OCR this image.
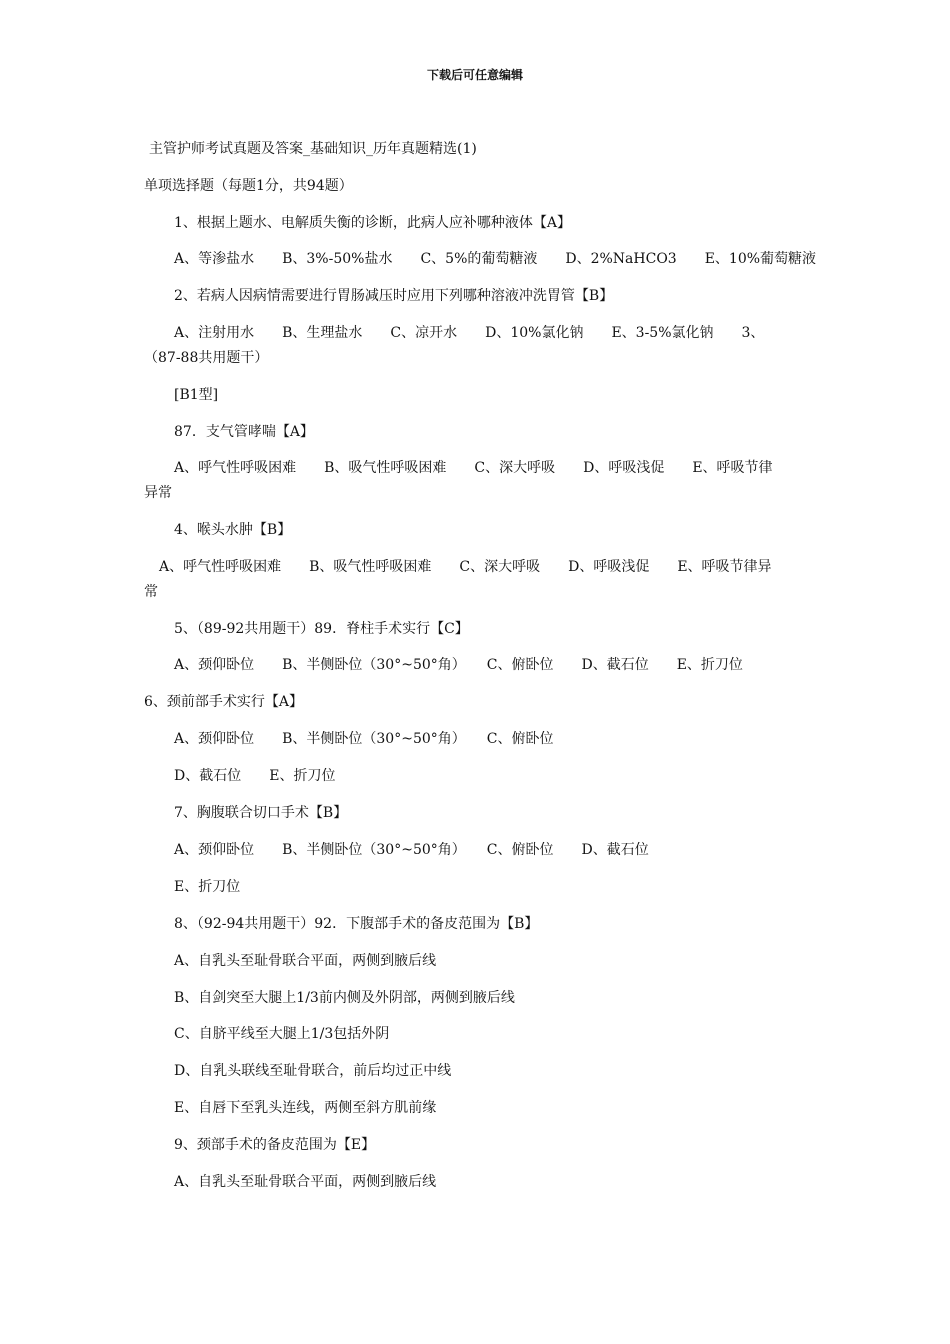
下载后可任意编辑
主管护师考试真题及答案_基础知识_历年真题精选(1)
单项选择题（每题1分，共94题）
1、根据上题水、电解质失衡的诊断，此病人应补哪种液体【A】
A、等渗盐水　　B、3%-50%盐水　　C、5%的葡萄糖液　　D、2%NaHCO3　　E、10%葡萄糖液
2、若病人因病情需要进行胃肠减压时应用下列哪种溶液冲洗胃管【B】
A、注射用水　　B、生理盐水　　C、凉开水　　D、10%氯化钠　　E、3-5%氯化钠　　3、
（87-88共用题干）
[B1型]
87．支气管哮喘【A】
A、呼气性呼吸困难　　B、吸气性呼吸困难　　C、深大呼吸　　D、呼吸浅促　　E、呼吸节律
异常
4、喉头水肿【B】
A、呼气性呼吸困难　　B、吸气性呼吸困难　　C、深大呼吸　　D、呼吸浅促　　E、呼吸节律异
常
5、（89-92共用题干）89．脊柱手术实行【C】
A、颈仰卧位　　B、半侧卧位（30°~50°角）　　C、俯卧位　　D、截石位　　E、折刀位
6、颈前部手术实行【A】
A、颈仰卧位　　B、半侧卧位（30°~50°角）　　C、俯卧位
D、截石位　　E、折刀位
7、胸腹联合切口手术【B】
A、颈仰卧位　　B、半侧卧位（30°~50°角）　　C、俯卧位　　D、截石位
E、折刀位
8、（92-94共用题干）92．下腹部手术的备皮范围为【B】
A、自乳头至耻骨联合平面，两侧到腋后线
B、自剑突至大腿上1/3前内侧及外阴部，两侧到腋后线
C、自脐平线至大腿上1/3包括外阴
D、自乳头联线至耻骨联合，前后均过正中线
E、自唇下至乳头连线，两侧至斜方肌前缘
9、颈部手术的备皮范围为【E】
A、自乳头至耻骨联合平面，两侧到腋后线
